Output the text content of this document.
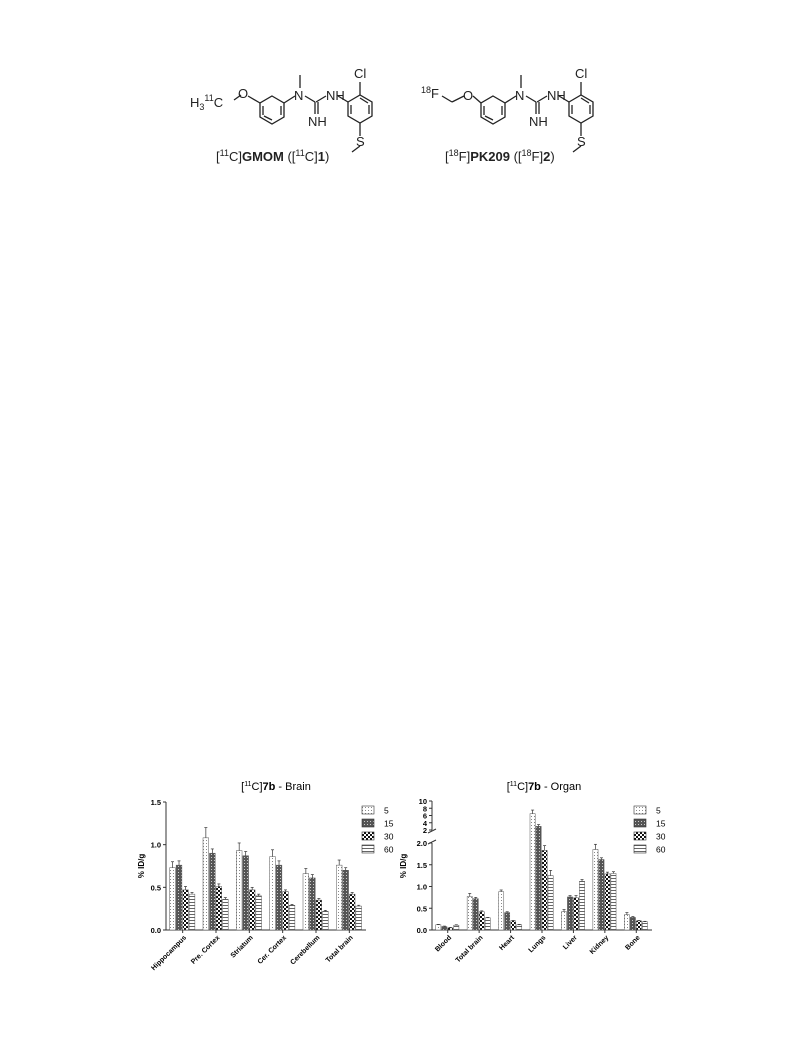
$H_3^{11}C$
O	N NH
NH
Cl
S
[$^{11}$C]GMOM ([$^{11}$C]1)
$^{18}$F O	N NH
NH
Cl
S
[$^{18}$F]PK209 ([$^{18}$F]2)
[$^{11}$C]7b - Brain
% ID/g
0.0
0.5
1.0
1.5
Hippocampus Pre. Cortex Striatum Cer. Cortex Cerebellum Total brain
5
15
30
60
[$^{11}$C]7b - Organ
% ID/g
0.0
0.5
1.0
1.5
2.0
2
4
6
8
10
Blood Total brain Heart Lungs Liver Kidney Bone
5
15
30
60
